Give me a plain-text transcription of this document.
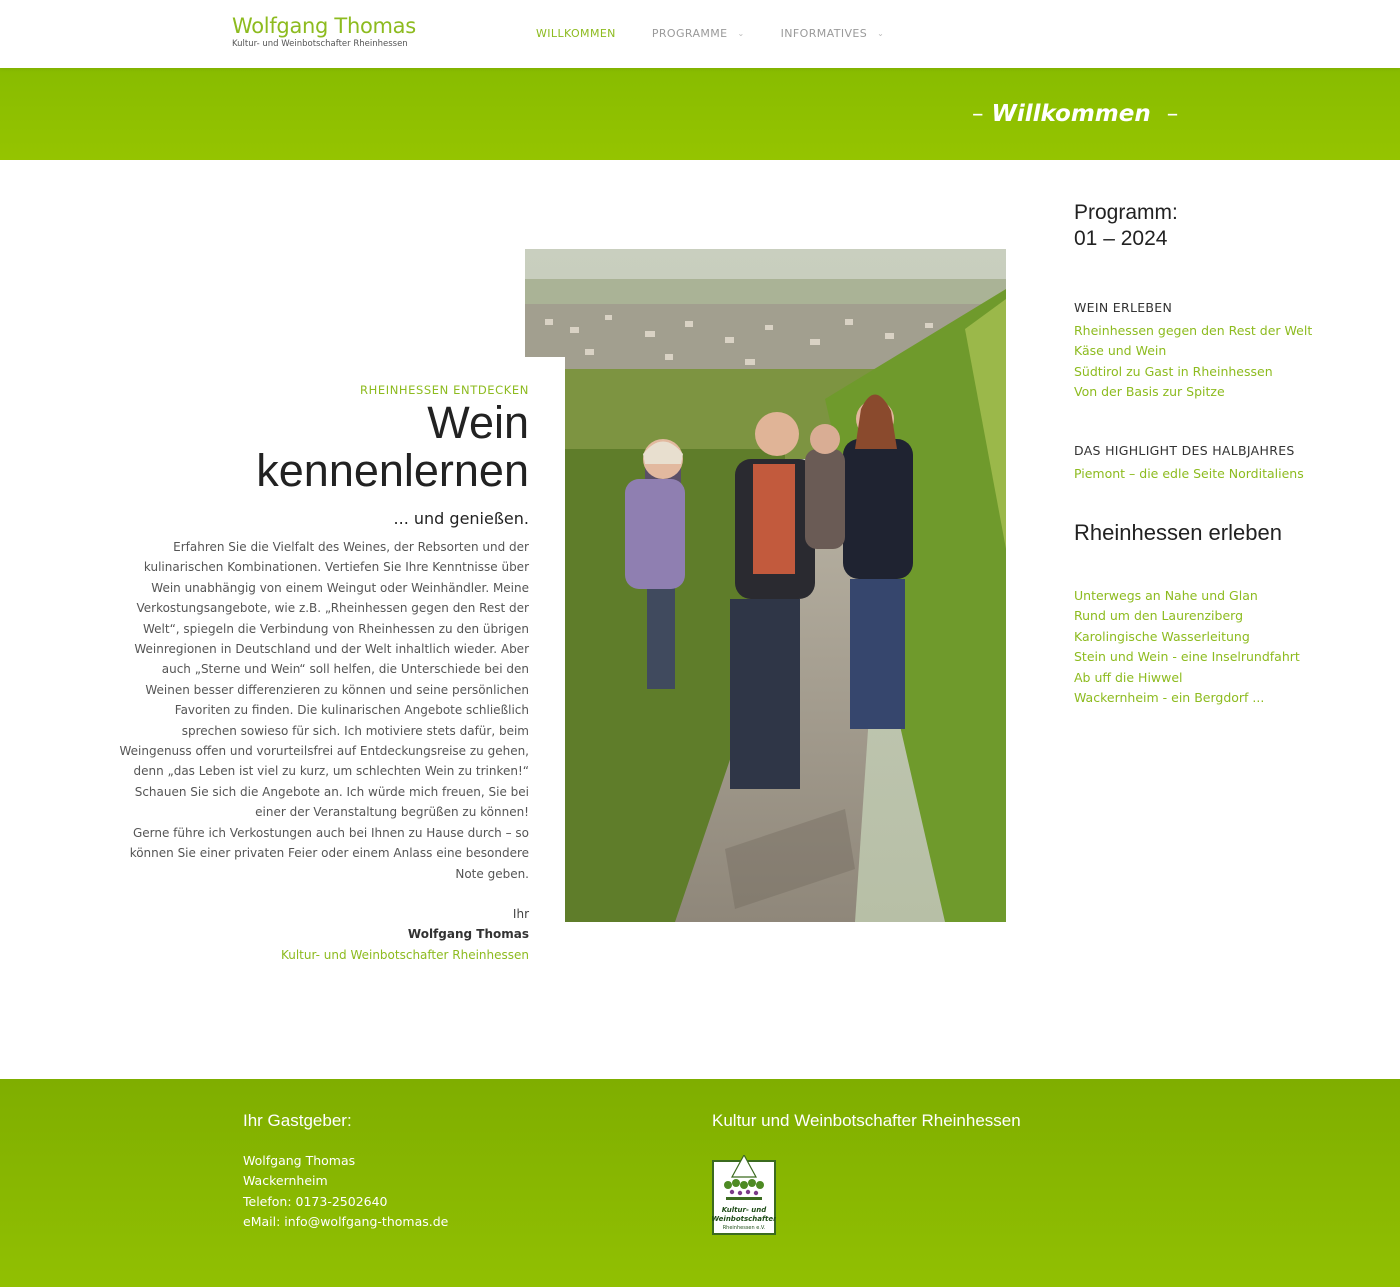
Wolfgang Thomas
Kultur- und Weinbotschafter Rheinhessen
WILLKOMMEN	PROGRAMME ⌄	INFORMATIVES ⌄
– Willkommen –
RHEINHESSEN ENTDECKEN
Wein
kennenlernen
... und genießen.

Erfahren Sie die Vielfalt des Weines, der Rebsorten und der kulinarischen Kombinationen. Vertiefen Sie Ihre Kenntnisse über Wein unabhängig von einem Weingut oder Weinhändler. Meine Verkostungsangebote, wie z.B. „Rheinhessen gegen den Rest der Welt“, spiegeln die Verbindung von Rheinhessen zu den übrigen Weinregionen in Deutschland und der Welt inhaltlich wieder. Aber auch „Sterne und Wein“ soll helfen, die Unterschiede bei den Weinen besser differenzieren zu können und seine persönlichen Favoriten zu finden. Die kulinarischen Angebote schließlich sprechen sowieso für sich. Ich motiviere stets dafür, beim Weingenuss offen und vorurteilsfrei auf Entdeckungsreise zu gehen, denn „das Leben ist viel zu kurz, um schlechten Wein zu trinken!“

Schauen Sie sich die Angebote an. Ich würde mich freuen, Sie bei einer der Veranstaltung begrüßen zu können!

Gerne führe ich Verkostungen auch bei Ihnen zu Hause durch – so können Sie einer privaten Feier oder einem Anlass eine besondere Note geben.

Ihr
Wolfgang Thomas
Kultur- und Weinbotschafter Rheinhessen
Programm:
01 – 2024
WEIN ERLEBEN
Rheinhessen gegen den Rest der Welt
Käse und Wein
Südtirol zu Gast in Rheinhessen
Von der Basis zur Spitze
DAS HIGHLIGHT DES HALBJAHRES
Piemont – die edle Seite Norditaliens
Rheinhessen erleben
Unterwegs an Nahe und Glan
Rund um den Laurenziberg
Karolingische Wasserleitung
Stein und Wein - eine Inselrundfahrt
Ab uff die Hiwwel
Wackernheim - ein Bergdorf ...
Ihr Gastgeber:
Wolfgang Thomas
Wackernheim
Telefon: 0173-2502640
eMail: info@wolfgang-thomas.de
Kultur und Weinbotschafter Rheinhessen
Kultur- und
Weinbotschafter
Rheinhessen e.V.
